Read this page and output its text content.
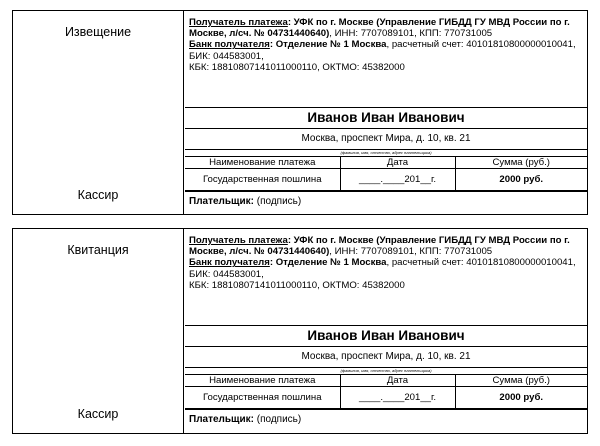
Извещение
Кассир
Получатель платежа: УФК по г. Москве (Управление ГИБДД ГУ МВД России по г. Москве, л/сч. № 04731440640), ИНН: 7707089101, КПП: 770731005
Банк получателя: Отделение № 1 Москва, расчетный счет: 40101810800000010041, БИК: 044583001,
КБК: 18810807141011000110, ОКТМО: 45382000
Иванов Иван Иванович
Москва, проспект Мира, д. 10, кв. 21
(фамилия, имя, отчество, адрес плательщика)
Наименование платежа	Дата	Сумма (руб.)
Государственная пошлина	____.____201__г.	2000 руб.
Плательщик: (подпись)
Квитанция
Кассир
Получатель платежа: УФК по г. Москве (Управление ГИБДД ГУ МВД России по г. Москве, л/сч. № 04731440640), ИНН: 7707089101, КПП: 770731005
Банк получателя: Отделение № 1 Москва, расчетный счет: 40101810800000010041, БИК: 044583001,
КБК: 18810807141011000110, ОКТМО: 45382000
Иванов Иван Иванович
Москва, проспект Мира, д. 10, кв. 21
(фамилия, имя, отчество, адрес плательщика)
Наименование платежа	Дата	Сумма (руб.)
Государственная пошлина	____.____201__г.	2000 руб.
Плательщик: (подпись)
